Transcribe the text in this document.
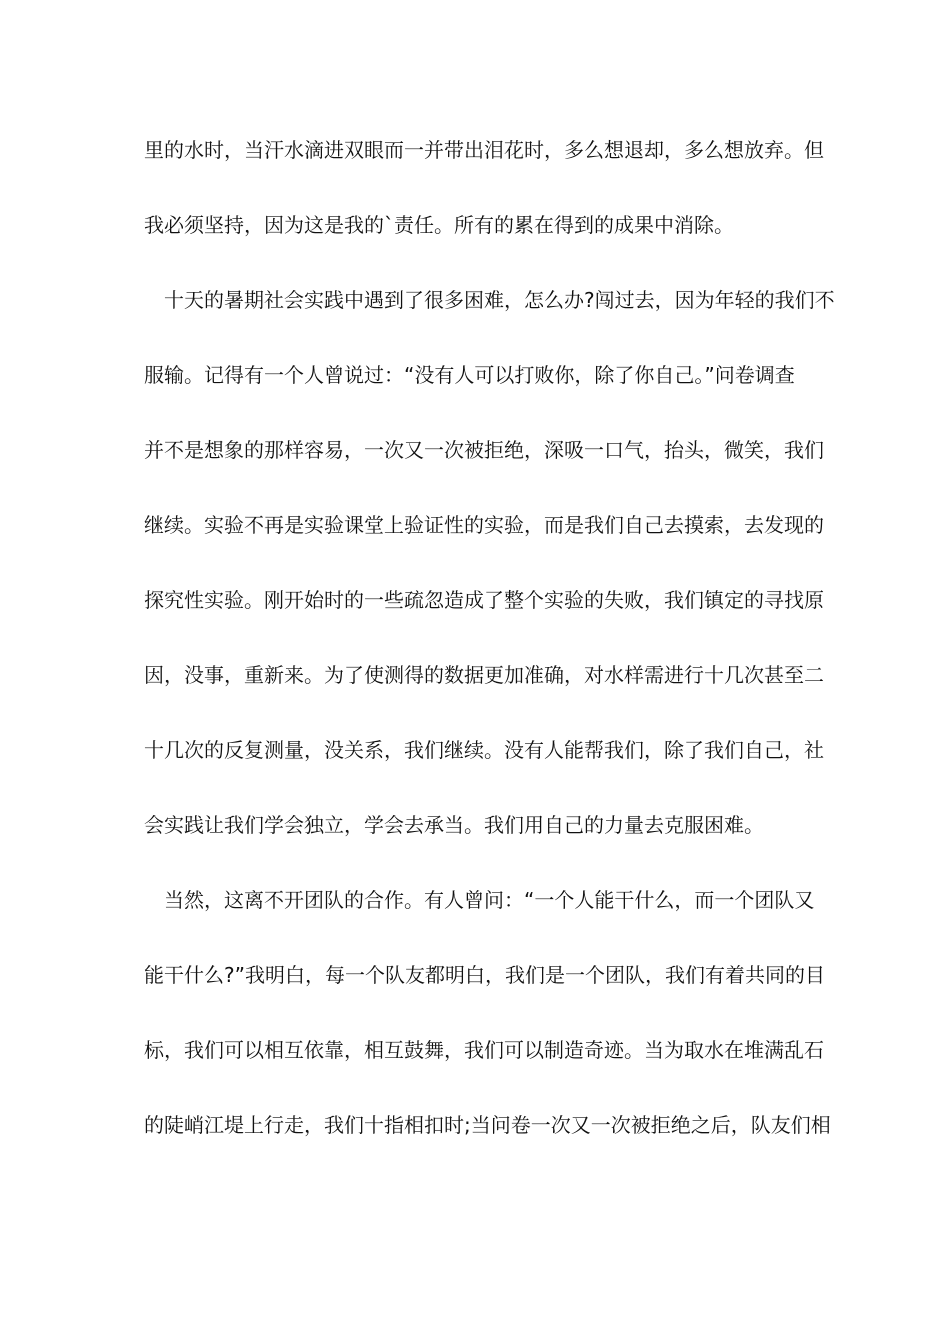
里的水时，当汗水滴进双眼而一并带出泪花时，多么想退却，多么想放弃。但
我必须坚持，因为这是我的`责任。所有的累在得到的成果中消除。
　十天的暑期社会实践中遇到了很多困难，怎么办?闯过去，因为年轻的我们不
服输。记得有一个人曾说过：“没有人可以打败你，除了你自己。”问卷调查
并不是想象的那样容易，一次又一次被拒绝，深吸一口气，抬头，微笑，我们
继续。实验不再是实验课堂上验证性的实验，而是我们自己去摸索，去发现的
探究性实验。刚开始时的一些疏忽造成了整个实验的失败，我们镇定的寻找原
因，没事，重新来。为了使测得的数据更加准确，对水样需进行十几次甚至二
十几次的反复测量，没关系，我们继续。没有人能帮我们，除了我们自己，社
会实践让我们学会独立，学会去承当。我们用自己的力量去克服困难。
　当然，这离不开团队的合作。有人曾问：“一个人能干什么，而一个团队又
能干什么?”我明白，每一个队友都明白，我们是一个团队，我们有着共同的目
标，我们可以相互依靠，相互鼓舞，我们可以制造奇迹。当为取水在堆满乱石
的陡峭江堤上行走，我们十指相扣时;当问卷一次又一次被拒绝之后，队友们相
